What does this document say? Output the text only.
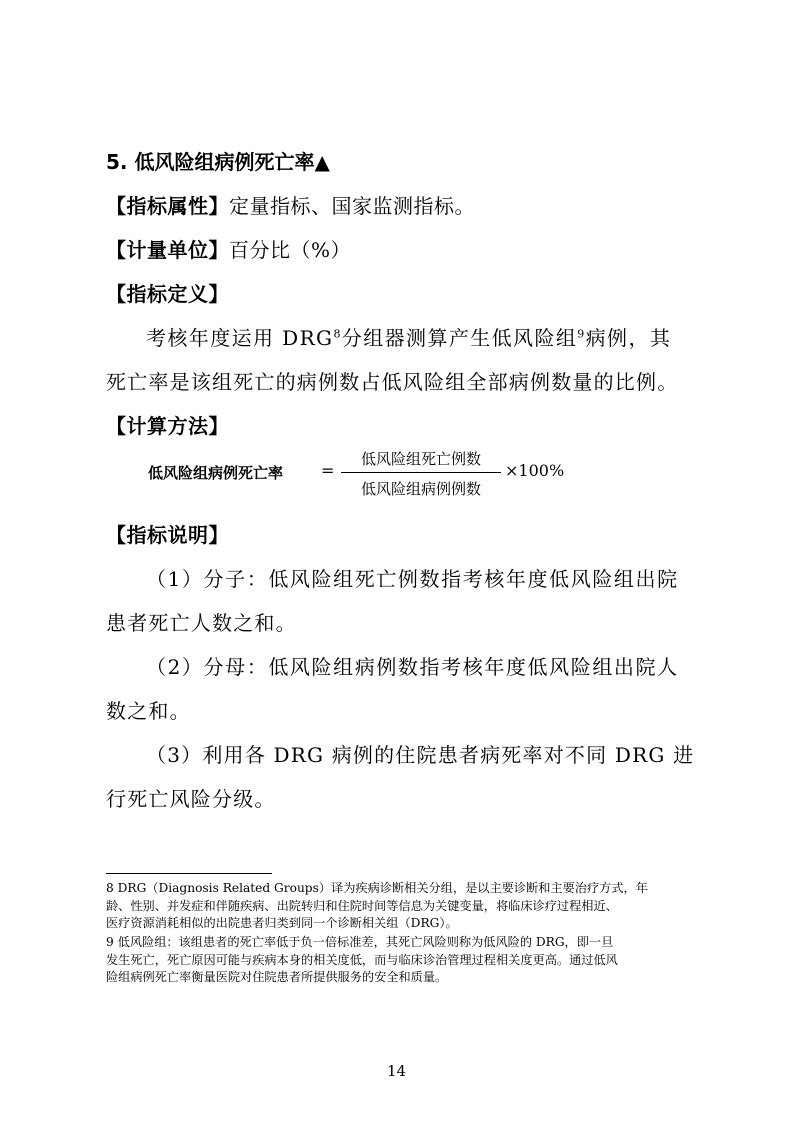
5. 低风险组病例死亡率▲
【指标属性】定量指标、国家监测指标。
【计量单位】百分比（%）
【指标定义】
考核年度运用 DRG$^8$分组器测算产生低风险组$^9$病例，其
死亡率是该组死亡的病例数占低风险组全部病例数量的比例。
【计算方法】
低风险组病例死亡率 =
低风险组死亡例数
低风险组病例例数
×100%
【指标说明】
（1）分子：低风险组死亡例数指考核年度低风险组出院
患者死亡人数之和。
（2）分母：低风险组病例数指考核年度低风险组出院人
数之和。
（3）利用各 DRG 病例的住院患者病死率对不同 DRG 进
行死亡风险分级。
8 DRG（Diagnosis Related Groups）译为疾病诊断相关分组，是以主要诊断和主要治疗方式，年
龄、性别、并发症和伴随疾病、出院转归和住院时间等信息为关键变量，将临床诊疗过程相近、
医疗资源消耗相似的出院患者归类到同一个诊断相关组（DRG）。
9 低风险组：该组患者的死亡率低于负一倍标准差，其死亡风险则称为低风险的 DRG，即一旦
发生死亡，死亡原因可能与疾病本身的相关度低，而与临床诊治管理过程相关度更高。通过低风
险组病例死亡率衡量医院对住院患者所提供服务的安全和质量。
14
